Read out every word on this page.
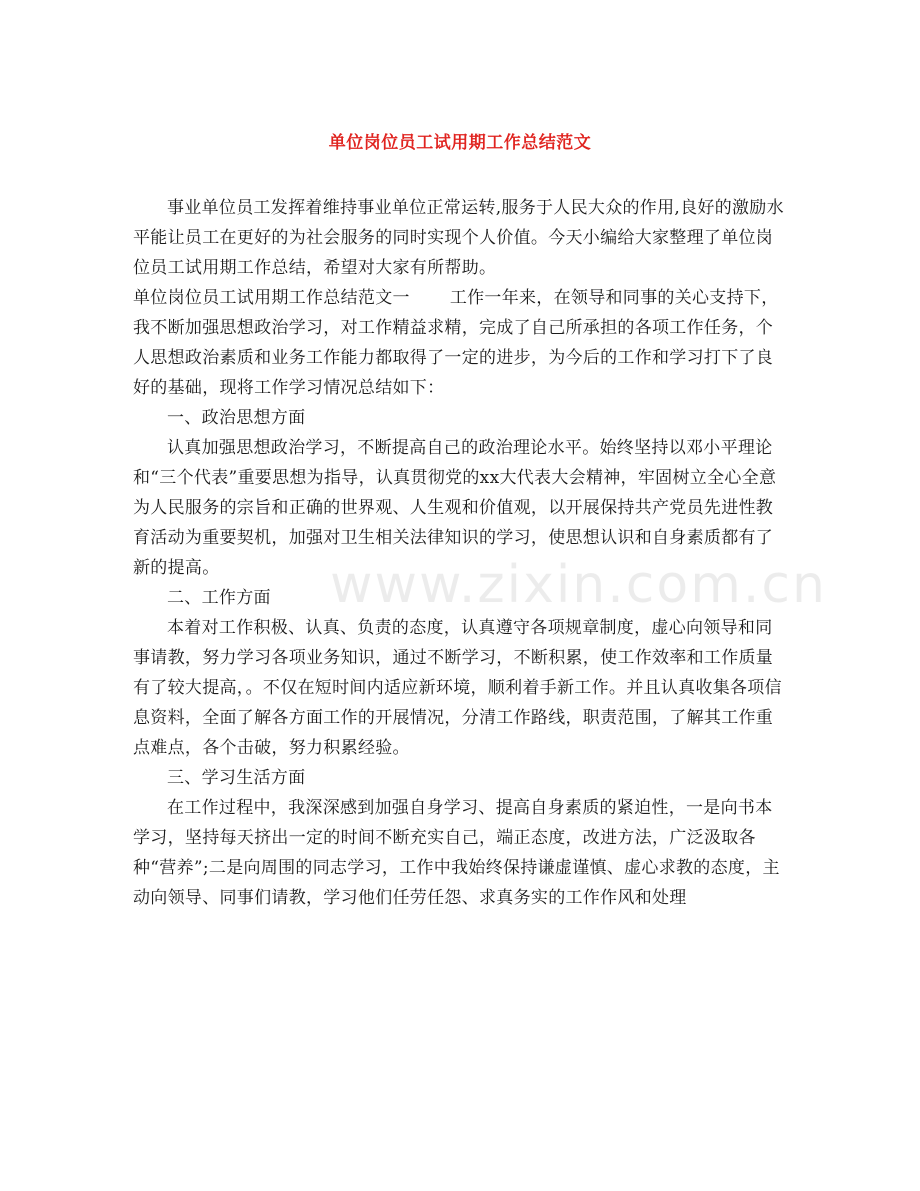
单位岗位员工试用期工作总结范文
www.zixin.com.cn

事业单位员工发挥着维持事业单位正常运转,服务于人民大众的作用,良好的激励水平能让员工在更好的为社会服务的同时实现个人价值。今天小编给大家整理了单位岗位员工试用期工作总结，希望对大家有所帮助。

单位岗位员工试用期工作总结范文一 工作一年来，在领导和同事的关心支持下，我不断加强思想政治学习，对工作精益求精，完成了自己所承担的各项工作任务，个人思想政治素质和业务工作能力都取得了一定的进步，为今后的工作和学习打下了良好的基础，现将工作学习情况总结如下：

一、政治思想方面

认真加强思想政治学习，不断提高自己的政治理论水平。始终坚持以邓小平理论和“三个代表”重要思想为指导，认真贯彻党的xx大代表大会精神，牢固树立全心全意为人民服务的宗旨和正确的世界观、人生观和价值观，以开展保持共产党员先进性教育活动为重要契机，加强对卫生相关法律知识的学习，使思想认识和自身素质都有了新的提高。

二、工作方面

本着对工作积极、认真、负责的态度，认真遵守各项规章制度，虚心向领导和同事请教，努力学习各项业务知识，通过不断学习，不断积累，使工作效率和工作质量有了较大提高，。不仅在短时间内适应新环境，顺利着手新工作。并且认真收集各项信息资料，全面了解各方面工作的开展情况，分清工作路线，职责范围，了解其工作重点难点，各个击破，努力积累经验。

三、学习生活方面

在工作过程中，我深深感到加强自身学习、提高自身素质的紧迫性，一是向书本学习，坚持每天挤出一定的时间不断充实自己，端正态度，改进方法，广泛汲取各种“营养”;二是向周围的同志学习，工作中我始终保持谦虚谨慎、虚心求教的态度，主动向领导、同事们请教，学习他们任劳任怨、求真务实的工作作风和处理
